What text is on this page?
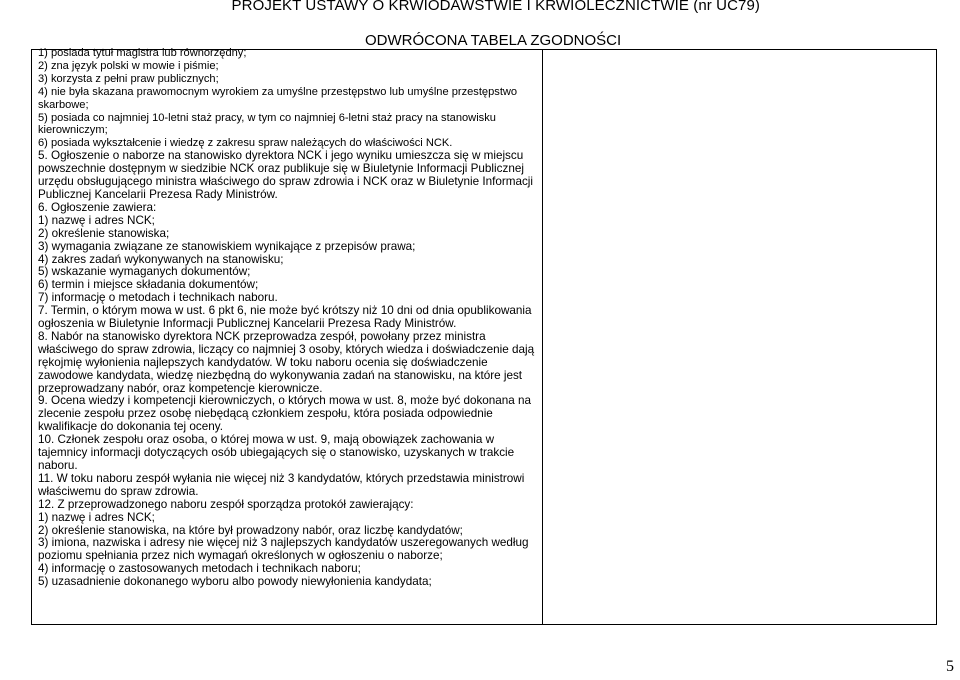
PROJEKT USTAWY O KRWIODAWSTWIE I KRWIOLECZNICTWIE (nr UC79)
ODWRÓCONA TABELA ZGODNOŚCI

1) posiada tytuł magistra lub równorzędny;

2) zna język polski w mowie i piśmie;

3) korzysta z pełni praw publicznych;

4) nie była skazana prawomocnym wyrokiem za umyślne przestępstwo lub umyślne przestępstwo skarbowe;

5) posiada co najmniej 10-letni staż pracy, w tym co najmniej 6-letni staż pracy na stanowisku kierowniczym;

6) posiada wykształcenie i wiedzę z zakresu spraw należących do właściwości NCK.

5. Ogłoszenie o naborze na stanowisko dyrektora NCK i jego wyniku umieszcza się w miejscu powszechnie dostępnym w siedzibie NCK oraz publikuje się w Biuletynie Informacji Publicznej urzędu obsługującego ministra właściwego do spraw zdrowia i NCK oraz w Biuletynie Informacji Publicznej Kancelarii Prezesa Rady Ministrów.

6. Ogłoszenie zawiera:

1) nazwę i adres NCK;

2) określenie stanowiska;

3) wymagania związane ze stanowiskiem wynikające z przepisów prawa;

4) zakres zadań wykonywanych na stanowisku;

5) wskazanie wymaganych dokumentów;

6) termin i miejsce składania dokumentów;

7) informację o metodach i technikach naboru.

7. Termin, o którym mowa w ust. 6 pkt 6, nie może być krótszy niż 10 dni od dnia opublikowania ogłoszenia w Biuletynie Informacji Publicznej Kancelarii Prezesa Rady Ministrów.

8. Nabór na stanowisko dyrektora NCK przeprowadza zespół, powołany przez ministra właściwego do spraw zdrowia, liczący co najmniej 3 osoby, których wiedza i doświadczenie dają rękojmię wyłonienia najlepszych kandydatów. W toku naboru ocenia się doświadczenie zawodowe kandydata, wiedzę niezbędną do wykonywania zadań na stanowisku, na które jest przeprowadzany nabór, oraz kompetencje kierownicze.

9. Ocena wiedzy i kompetencji kierowniczych, o których mowa w ust. 8, może być dokonana na zlecenie zespołu przez osobę niebędącą członkiem zespołu, która posiada odpowiednie kwalifikacje do dokonania tej oceny.

10. Członek zespołu oraz osoba, o której mowa w ust. 9, mają obowiązek zachowania w tajemnicy informacji dotyczących osób ubiegających się o stanowisko, uzyskanych w trakcie naboru.

11. W toku naboru zespół wyłania nie więcej niż 3 kandydatów, których przedstawia ministrowi właściwemu do spraw zdrowia.

12. Z przeprowadzonego naboru zespół sporządza protokół zawierający:

1) nazwę i adres NCK;

2) określenie stanowiska, na które był prowadzony nabór, oraz liczbę kandydatów;

3) imiona, nazwiska i adresy nie więcej niż 3 najlepszych kandydatów uszeregowanych według poziomu spełniania przez nich wymagań określonych w ogłoszeniu o naborze;

4) informację o zastosowanych metodach i technikach naboru;

5) uzasadnienie dokonanego wyboru albo powody niewyłonienia kandydata;

5
